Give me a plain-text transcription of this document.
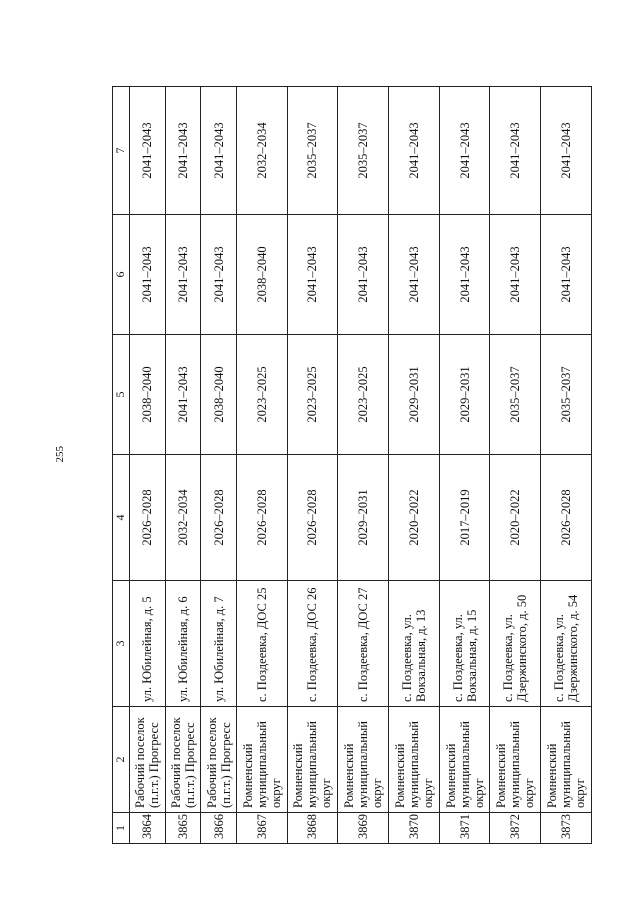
255
1	2	3	4	5	6	7
3864	Рабочий поселок (п.г.т.) Прогресс	ул. Юбилейная, д. 5	2026–2028	2038–2040	2041–2043	2041–2043
3865	Рабочий поселок (п.г.т.) Прогресс	ул. Юбилейная, д. 6	2032–2034	2041–2043	2041–2043	2041–2043
3866	Рабочий поселок (п.г.т.) Прогресс	ул. Юбилейная, д. 7	2026–2028	2038–2040	2041–2043	2041–2043
3867	Ромненский муниципальный округ	с. Поздеевка, ДОС 25	2026–2028	2023–2025	2038–2040	2032–2034
3868	Ромненский муниципальный округ	с. Поздеевка, ДОС 26	2026–2028	2023–2025	2041–2043	2035–2037
3869	Ромненский муниципальный округ	с. Поздеевка, ДОС 27	2029–2031	2023–2025	2041–2043	2035–2037
3870	Ромненский муниципальный округ	с. Поздеевка, ул. Вокзальная, д. 13	2020–2022	2029–2031	2041–2043	2041–2043
3871	Ромненский муниципальный округ	с. Поздеевка, ул. Вокзальная, д. 15	2017–2019	2029–2031	2041–2043	2041–2043
3872	Ромненский муниципальный округ	с. Поздеевка, ул. Дзержинского, д. 50	2020–2022	2035–2037	2041–2043	2041–2043
3873	Ромненский муниципальный округ	с. Поздеевка, ул. Дзержинского, д. 54	2026–2028	2035–2037	2041–2043	2041–2043
